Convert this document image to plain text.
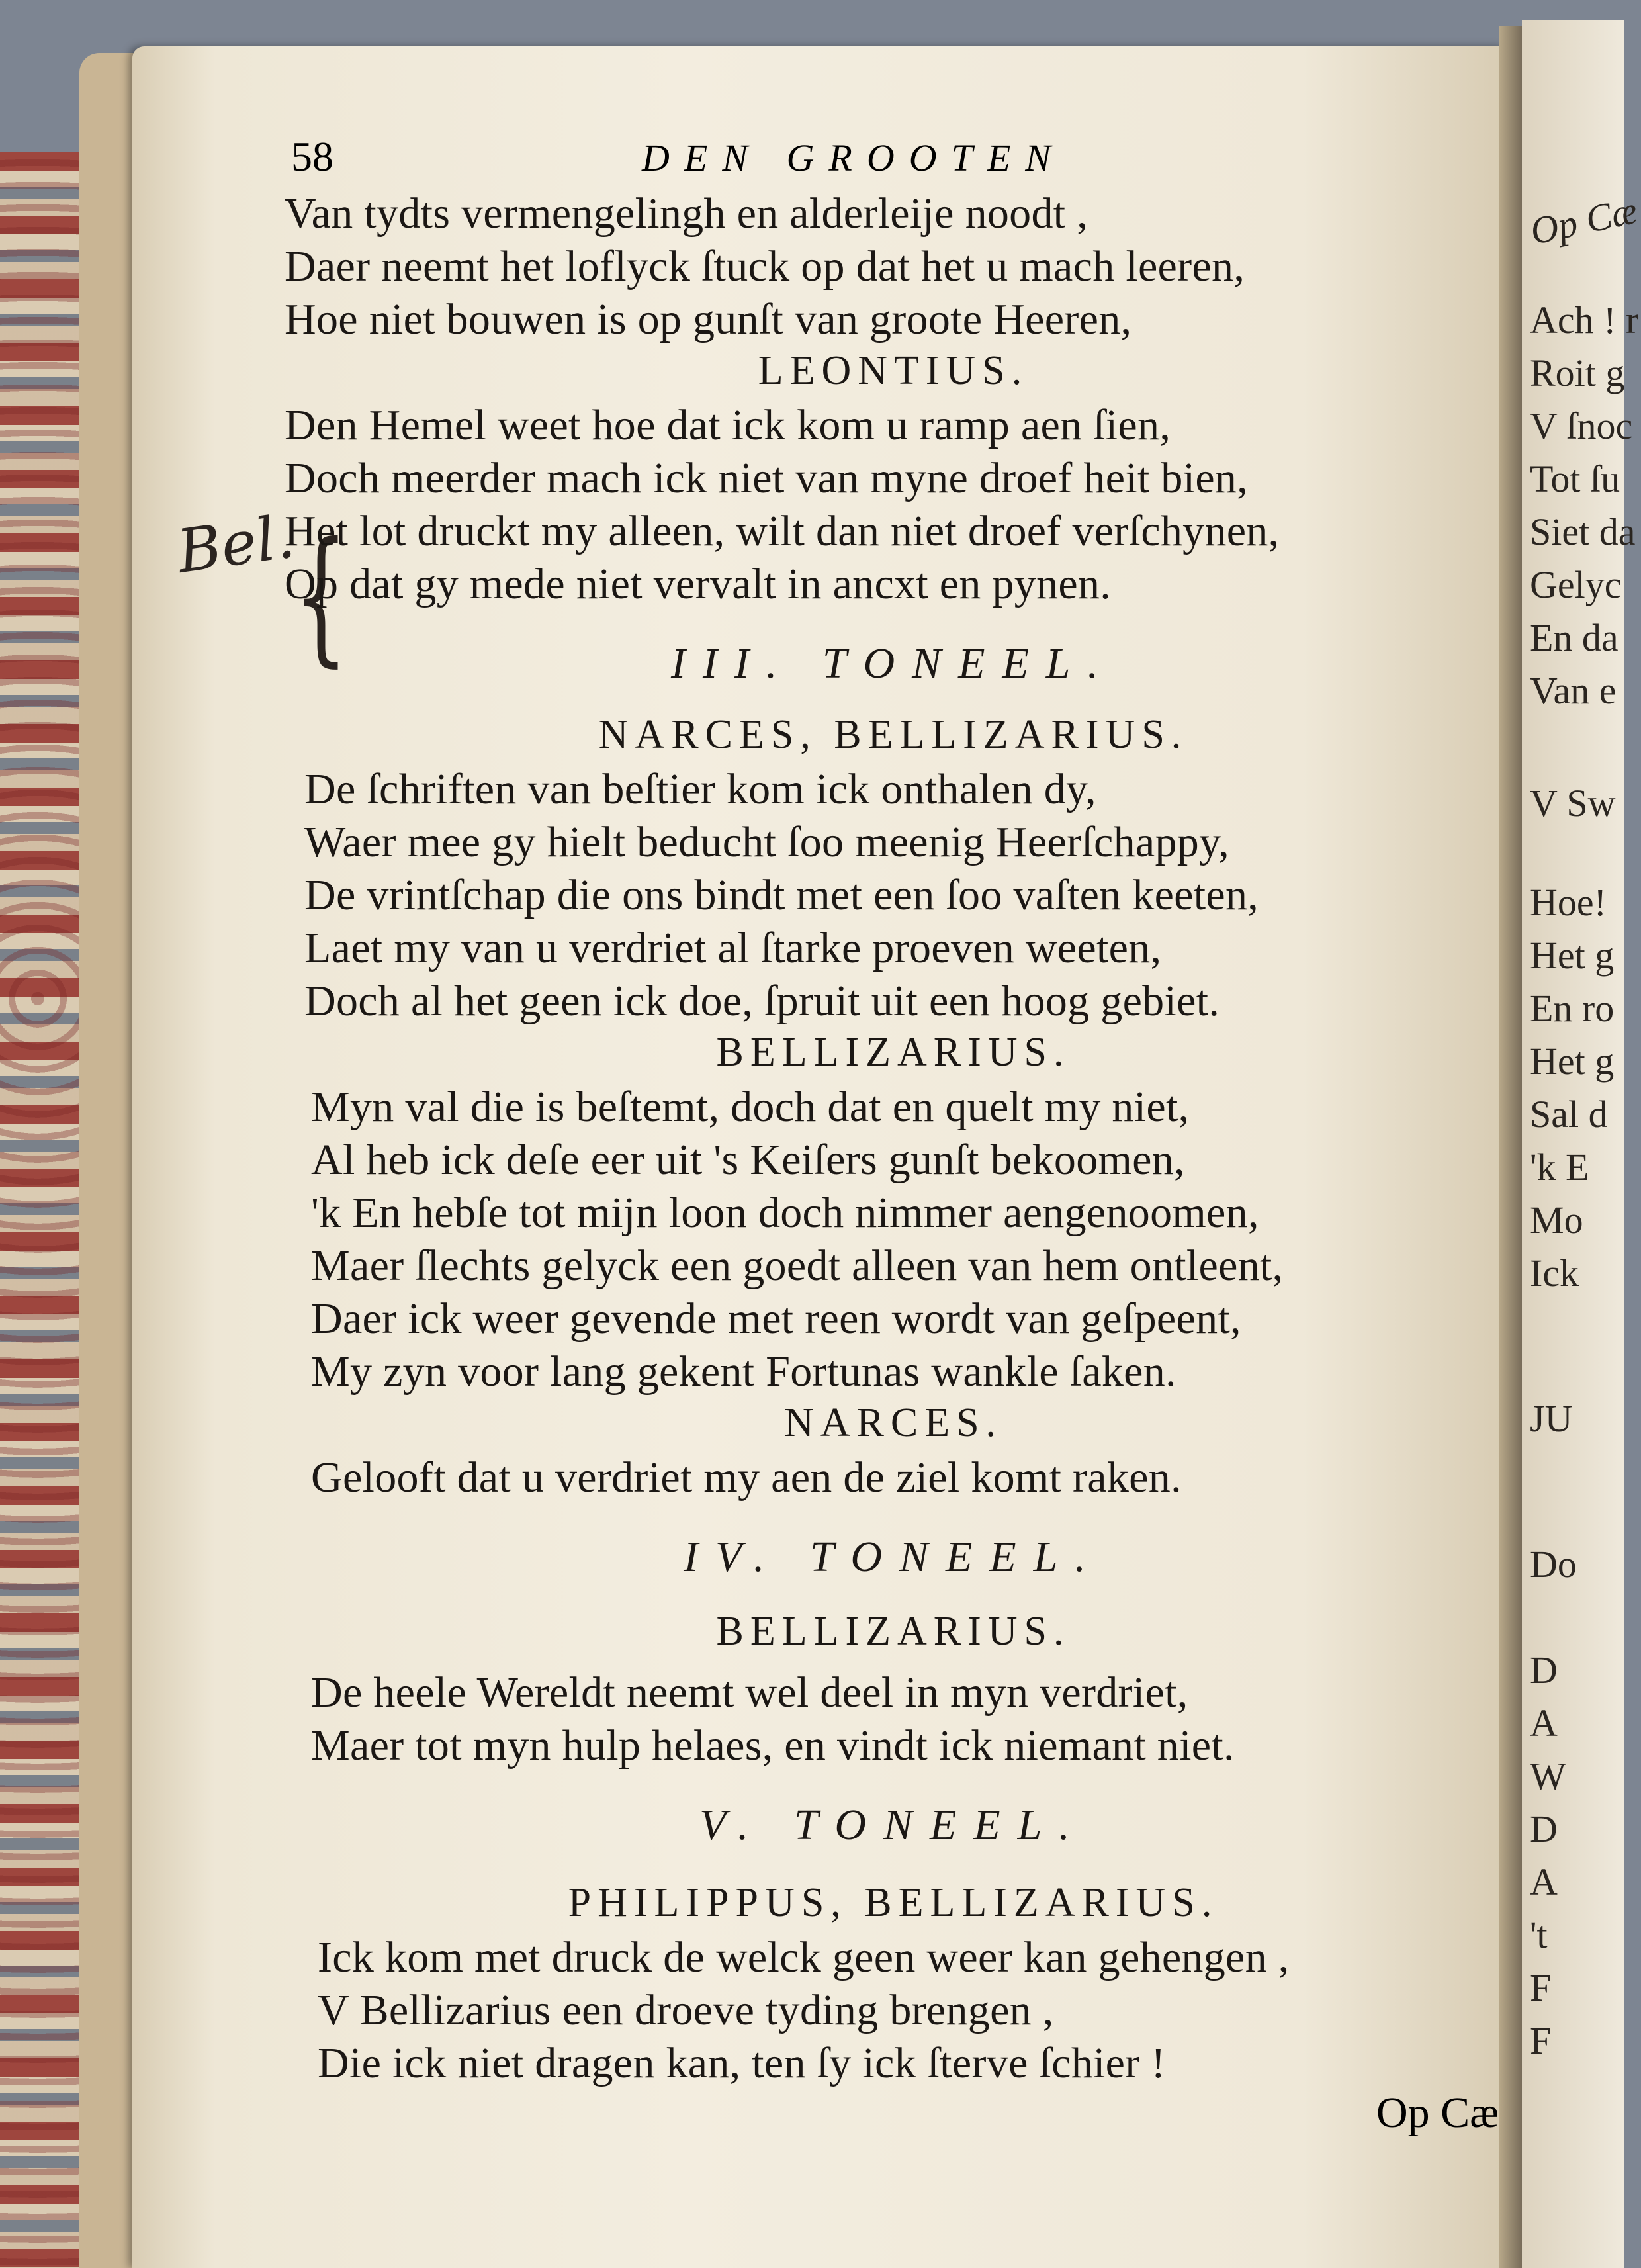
Op Cæ
Ach ! r
Roit g
V ſnoc
Tot ſu
Siet da
Gelyc
En da
Van e
V Sw
Hoe!
Het g
En ro
Het g
Sal d
'k E
Mo
Ick
JU
Do
D
A
W
D
A
't
F
F
58	DEN GROOTEN
Bel.
{
Van tydts vermengelingh en alderleije noodt ,
Daer neemt het loflyck ſtuck op dat het u mach leeren,
Hoe niet bouwen is op gunſt van groote Heeren,
LEONTIUS.
Den Hemel weet hoe dat ick kom u ramp aen ſien,
Doch meerder mach ick niet van myne droef heit bien,
Het lot druckt my alleen, wilt dan niet droef verſchynen,
Op dat gy mede niet vervalt in ancxt en pynen.
III. TONEEL.
NARCES, BELLIZARIUS.
De ſchriften van beſtier kom ick onthalen dy,
Waer mee gy hielt beducht ſoo meenig Heerſchappy,
De vrintſchap die ons bindt met een ſoo vaſten keeten,
Laet my van u verdriet al ſtarke proeven weeten,
Doch al het geen ick doe, ſpruit uit een hoog gebiet.
BELLIZARIUS.
Myn val die is beſtemt, doch dat en quelt my niet,
Al heb ick deſe eer uit 's Keiſers gunſt bekoomen,
'k En hebſe tot mijn loon doch nimmer aengenoomen,
Maer ſlechts gelyck een goedt alleen van hem ontleent,
Daer ick weer gevende met reen wordt van geſpeent,
My zyn voor lang gekent Fortunas wankle ſaken.
NARCES.
Gelooft dat u verdriet my aen de ziel komt raken.
IV. TONEEL.
BELLIZARIUS.
De heele Wereldt neemt wel deel in myn verdriet,
Maer tot myn hulp helaes, en vindt ick niemant niet.
V. TONEEL.
PHILIPPUS, BELLIZARIUS.
Ick kom met druck de welck geen weer kan gehengen ,
V Bellizarius een droeve tyding brengen ,
Die ick niet dragen kan, ten ſy ick ſterve ſchier !
Op Cæ
